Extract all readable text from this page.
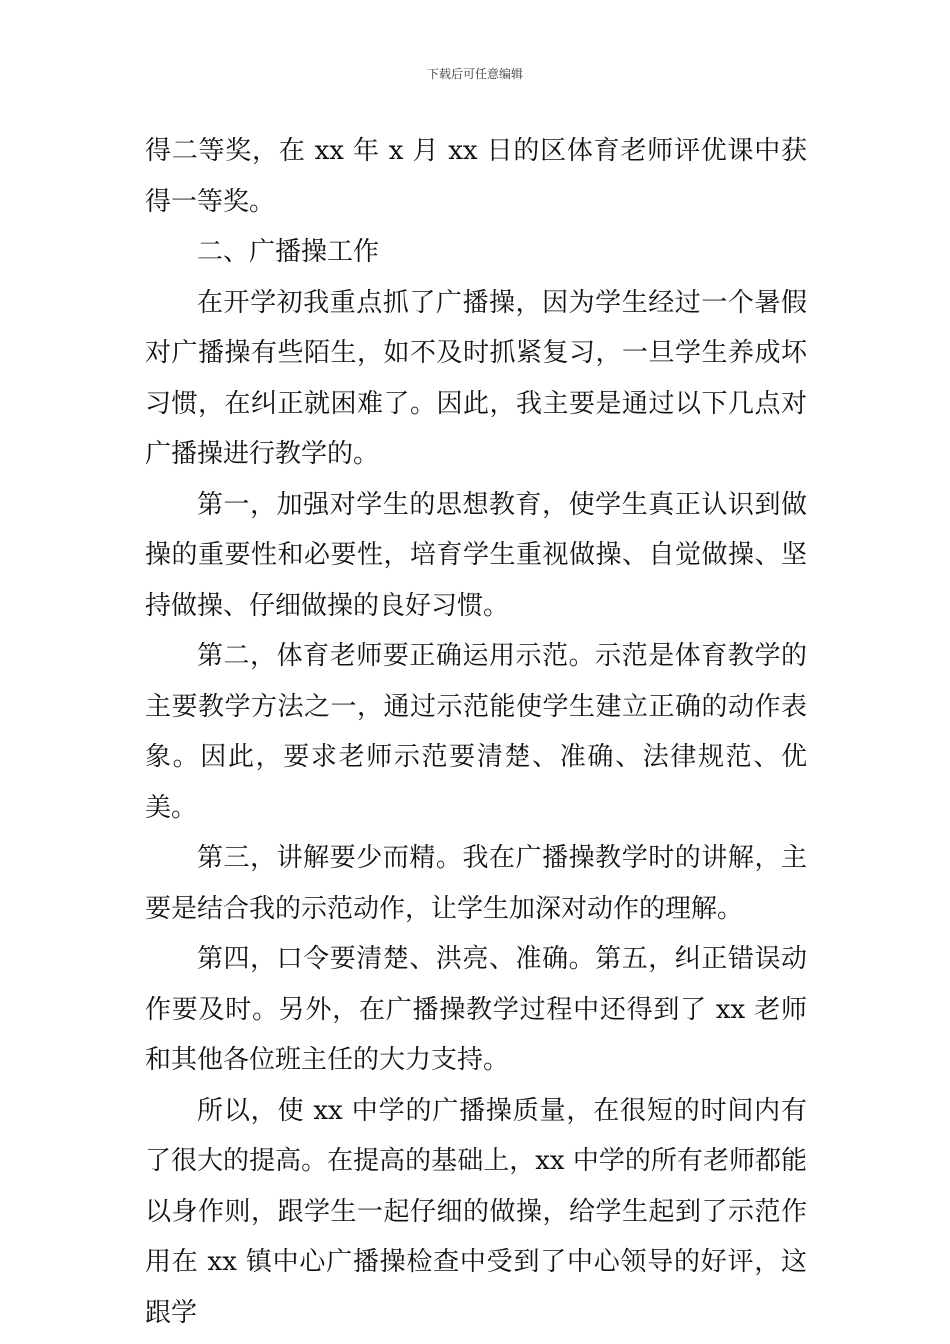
下载后可任意编辑

得二等奖，在 xx 年 x 月 xx 日的区体育老师评优课中获得一等奖。

二、广播操工作

在开学初我重点抓了广播操，因为学生经过一个暑假对广播操有些陌生，如不及时抓紧复习，一旦学生养成坏习惯，在纠正就困难了。因此，我主要是通过以下几点对广播操进行教学的。

第一，加强对学生的思想教育，使学生真正认识到做操的重要性和必要性，培育学生重视做操、自觉做操、坚持做操、仔细做操的良好习惯。

第二，体育老师要正确运用示范。示范是体育教学的主要教学方法之一，通过示范能使学生建立正确的动作表象。因此，要求老师示范要清楚、准确、法律规范、优美。

第三，讲解要少而精。我在广播操教学时的讲解，主要是结合我的示范动作，让学生加深对动作的理解。

第四，口令要清楚、洪亮、准确。第五，纠正错误动作要及时。另外，在广播操教学过程中还得到了 xx 老师和其他各位班主任的大力支持。

所以，使 xx 中学的广播操质量，在很短的时间内有了很大的提高。在提高的基础上，xx 中学的所有老师都能以身作则，跟学生一起仔细的做操，给学生起到了示范作用在 xx 镇中心广播操检查中受到了中心领导的好评，这跟学
